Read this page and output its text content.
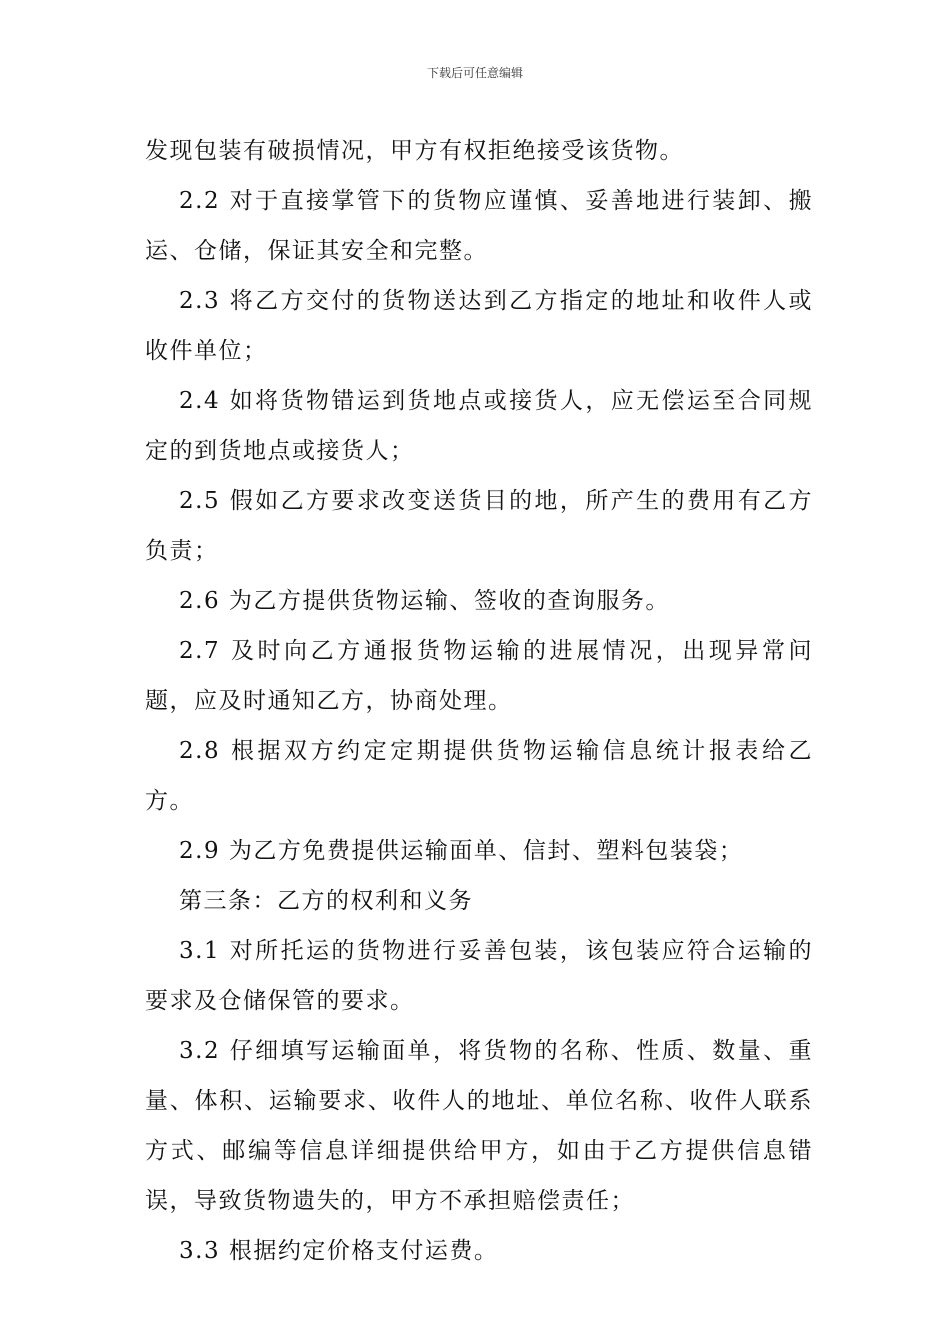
下载后可任意编辑

发现包装有破损情况，甲方有权拒绝接受该货物。

2.2 对于直接掌管下的货物应谨慎、妥善地进行装卸、搬运、仓储，保证其安全和完整。

2.3 将乙方交付的货物送达到乙方指定的地址和收件人或收件单位；

2.4 如将货物错运到货地点或接货人，应无偿运至合同规定的到货地点或接货人；

2.5 假如乙方要求改变送货目的地，所产生的费用有乙方负责；

2.6 为乙方提供货物运输、签收的查询服务。

2.7 及时向乙方通报货物运输的进展情况，出现异常问题，应及时通知乙方，协商处理。

2.8 根据双方约定定期提供货物运输信息统计报表给乙方。

2.9 为乙方免费提供运输面单、信封、塑料包装袋；

第三条：乙方的权利和义务

3.1 对所托运的货物进行妥善包装，该包装应符合运输的要求及仓储保管的要求。

3.2 仔细填写运输面单，将货物的名称、性质、数量、重量、体积、运输要求、收件人的地址、单位名称、收件人联系方式、邮编等信息详细提供给甲方，如由于乙方提供信息错误，导致货物遗失的，甲方不承担赔偿责任；

3.3 根据约定价格支付运费。
